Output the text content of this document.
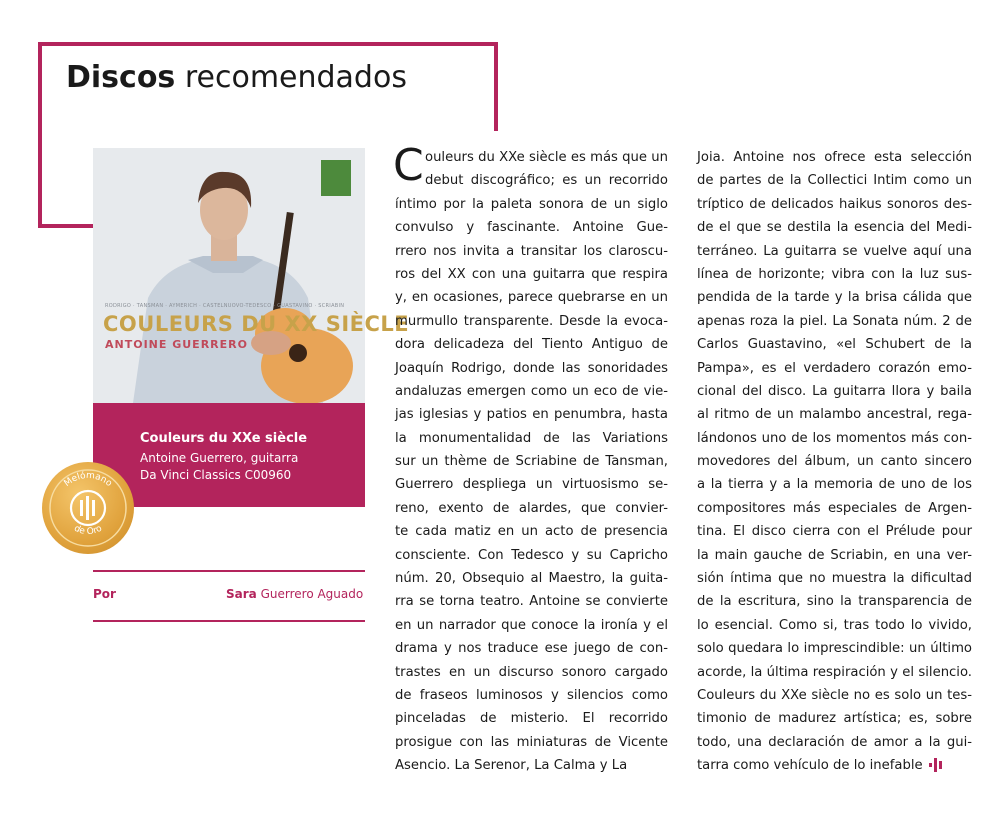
Discos recomendados
RODRIGO · TANSMAN · AYMERICH · CASTELNUOVO-TEDESCO · GUASTAVINO · SCRIABIN
COULEURS DU XX SIÈCLE
ANTOINE GUERRERO
Couleurs du XXe siècle
Antoine Guerrero, guitarra
Da Vinci Classics C00960
Melómano
de Oro
Por	Sara Guerrero Aguado
C ouleurs du XXe siècle es más que un
debut discográfico; es un recorrido
íntimo por la paleta sonora de un siglo
convulso y fascinante. Antoine Gue-
rrero nos invita a transitar los claroscu-
ros del XX con una guitarra que respira
y, en ocasiones, parece quebrarse en un
murmullo transparente. Desde la evoca-
dora delicadeza del Tiento Antiguo de
Joaquín Rodrigo, donde las sonoridades
andaluzas emergen como un eco de vie-
jas iglesias y patios en penumbra, hasta
la monumentalidad de las Variations
sur un thème de Scriabine de Tansman,
Guerrero despliega un virtuosismo se-
reno, exento de alardes, que convier-
te cada matiz en un acto de presencia
consciente. Con Tedesco y su Capricho
núm. 20, Obsequio al Maestro, la guita-
rra se torna teatro. Antoine se convierte
en un narrador que conoce la ironía y el
drama y nos traduce ese juego de con-
trastes en un discurso sonoro cargado
de fraseos luminosos y silencios como
pinceladas de misterio. El recorrido
prosigue con las miniaturas de Vicente
Asencio. La Serenor, La Calma y La
Joia. Antoine nos ofrece esta selección
de partes de la Collectici Intim como un
tríptico de delicados haikus sonoros des-
de el que se destila la esencia del Medi-
terráneo. La guitarra se vuelve aquí una
línea de horizonte; vibra con la luz sus-
pendida de la tarde y la brisa cálida que
apenas roza la piel. La Sonata núm. 2 de
Carlos Guastavino, «el Schubert de la
Pampa», es el verdadero corazón emo-
cional del disco. La guitarra llora y baila
al ritmo de un malambo ancestral, rega-
lándonos uno de los momentos más con-
movedores del álbum, un canto sincero
a la tierra y a la memoria de uno de los
compositores más especiales de Argen-
tina. El disco cierra con el Prélude pour
la main gauche de Scriabin, en una ver-
sión íntima que no muestra la dificultad
de la escritura, sino la transparencia de
lo esencial. Como si, tras todo lo vivido,
solo quedara lo imprescindible: un último
acorde, la última respiración y el silencio.
Couleurs du XXe siècle no es solo un tes-
timonio de madurez artística; es, sobre
todo, una declaración de amor a la gui-
tarra como vehículo de lo inefable
